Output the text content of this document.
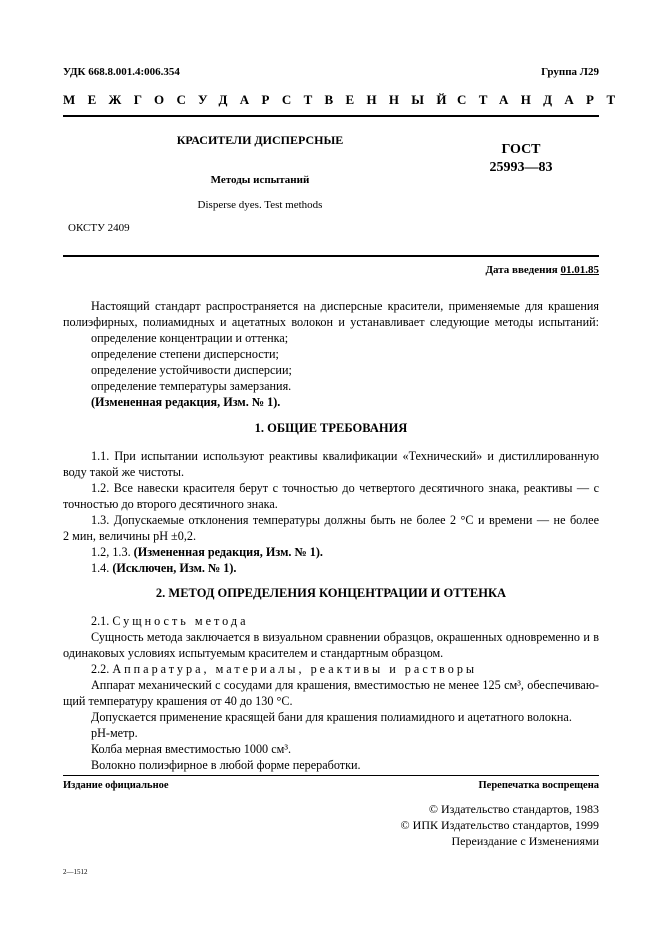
УДК 668.8.001.4:006.354	Группа Л29
МЕЖГОСУДАРСТВЕННЫЙ
СТАНДАРТ
КРАСИТЕЛИ ДИСПЕРСНЫЕ
Методы испытаний
Disperse dyes. Test methods
ОКСТУ 2409
ГОСТ
25993—83
Дата введения 01.01.85
Настоящий стандарт распространяется на дисперсные красители, применяемые для крашения
полиэфирных, полиамидных и ацетатных волокон и устанавливает следующие методы испытаний:
определение концентрации и оттенка;
определение степени дисперсности;
определение устойчивости дисперсии;
определение температуры замерзания.
(Измененная редакция, Изм. № 1).
1. ОБЩИЕ ТРЕБОВАНИЯ
1.1. При испытании используют реактивы квалификации «Технический» и дистиллированную
воду такой же чистоты.
1.2. Все навески красителя берут с точностью до четвертого десятичного знака, реактивы — с
точностью до второго десятичного знака.
1.3. Допускаемые отклонения температуры должны быть не более 2 °С и времени — не более
2 мин, величины pH ±0,2.
1.2, 1.3. (Измененная редакция, Изм. № 1).
1.4. (Исключен, Изм. № 1).
2. МЕТОД ОПРЕДЕЛЕНИЯ КОНЦЕНТРАЦИИ И ОТТЕНКА
2.1. Сущность метода
Сущность метода заключается в визуальном сравнении образцов, окрашенных одновременно и в
одинаковых условиях испытуемым красителем и стандартным образцом.
2.2. Аппаратура, материалы, реактивы и растворы
Аппарат механический с сосудами для крашения, вместимостью не менее 125 см³, обеспечиваю-
щий температуру крашения от 40 до 130 °С.
Допускается применение красящей бани для крашения полиамидного и ацетатного волокна.
pH-метр.
Колба мерная вместимостью 1000 см³.
Волокно полиэфирное в любой форме переработки.
Издание официальное	Перепечатка воспрещена
© Издательство стандартов, 1983
© ИПК Издательство стандартов, 1999
Переиздание с Изменениями
2—1512
